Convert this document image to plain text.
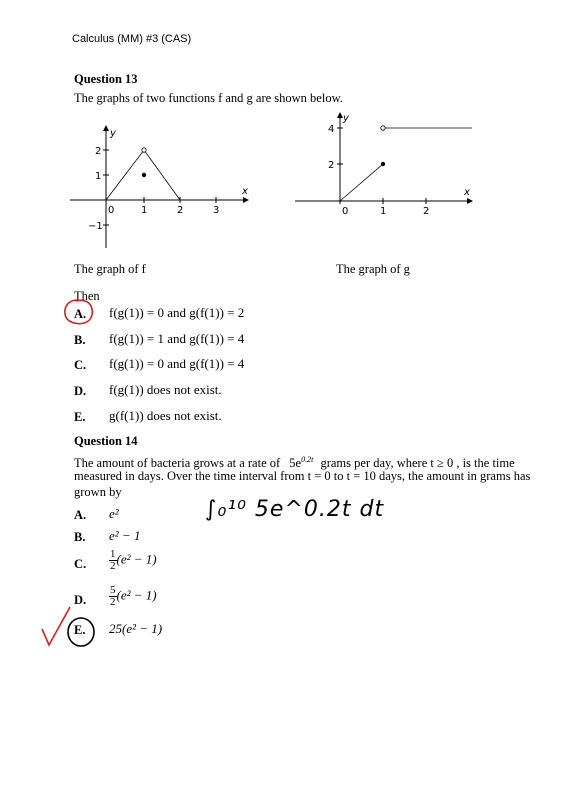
Calculus (MM) #3 (CAS)
Question 13
The graphs of two functions f and g are shown below.
x
y
0	1	2	3
2
1
−1
x
y
0	1	2
4
2
The graph of f	The graph of g
Then
A. f(g(1)) = 0 and g(f(1)) = 2
B. f(g(1)) = 1 and g(f(1)) = 4
C. f(g(1)) = 0 and g(f(1)) = 4
D. f(g(1)) does not exist.
E. g(f(1)) does not exist.
Question 14
The amount of bacteria grows at a rate of $5e^{0.2t}$ grams per day, where t ≥ 0 , is the time
measured in days. Over the time interval from t = 0 to t = 10 days, the amount in grams has
grown by
A. e²
B. e² − 1
C. $\frac{1}{2} (e^2 - 1)$
D. $\frac{5}{2} (e^2 - 1)$
E. 25(e² − 1)
∫₀¹⁰ 5e^0.2t dt
